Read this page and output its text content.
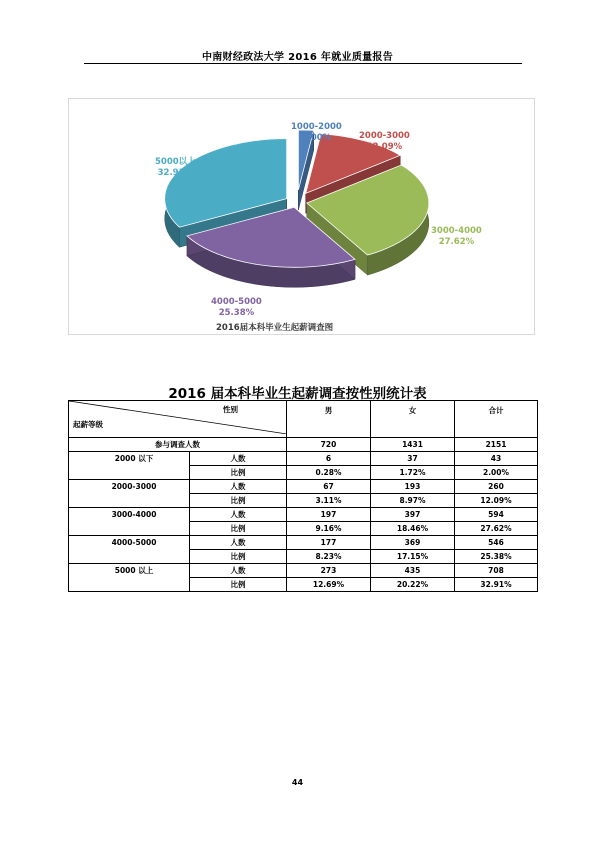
中南财经政法大学 2016 年就业质量报告
1000-2000
2.00%	2000-3000
12.09%
3000-4000
27.62%
4000-5000
25.38%
5000以上
32.91%
2016届本科毕业生起薪调查图
2016 届本科毕业生起薪调查按性别统计表
性别
起薪等级		男	女	合计
参与调查人数		720	1431	2151
2000 以下	人数	6	37	43
	比例	0.28%	1.72%	2.00%
2000-3000	人数	67	193	260
	比例	3.11%	8.97%	12.09%
3000-4000	人数	197	397	594
	比例	9.16%	18.46%	27.62%
4000-5000	人数	177	369	546
	比例	8.23%	17.15%	25.38%
5000 以上	人数	273	435	708
	比例	12.69%	20.22%	32.91%
44
